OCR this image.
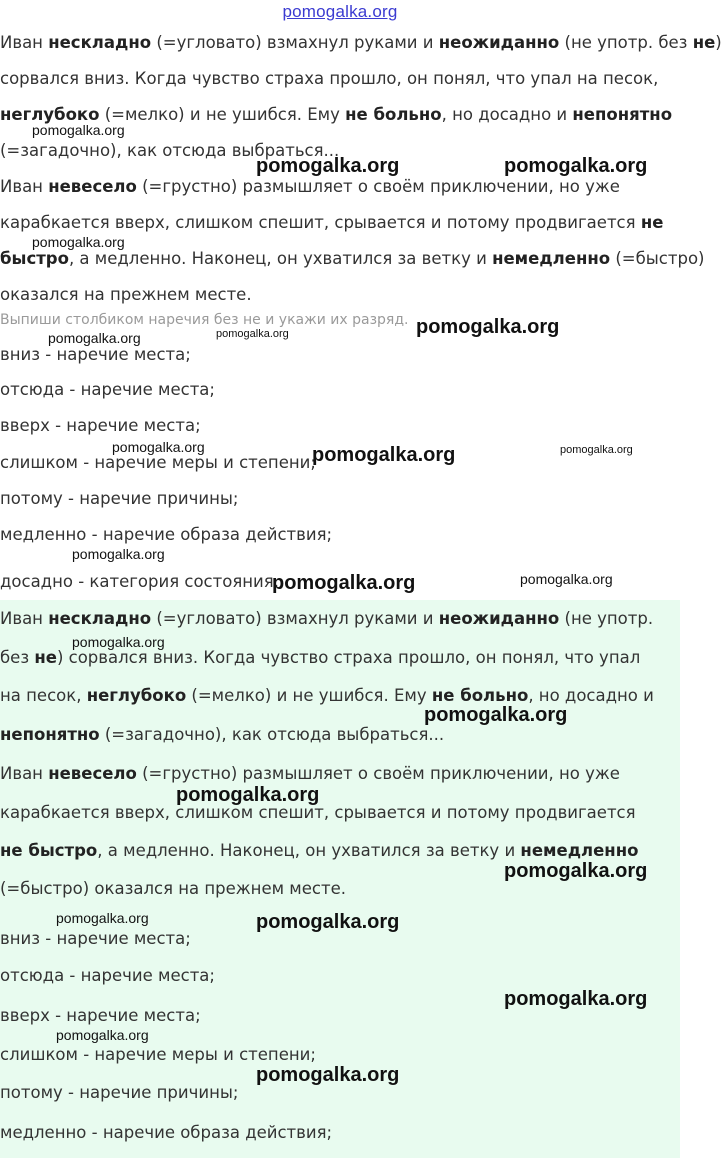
pomogalka.org
Иван нескладно (=угловато) взмахнул руками и неожиданно (не употр. без не)
сорвался вниз. Когда чувство страха прошло, он понял, что упал на песок,
неглубоко (=мелко) и не ушибся. Ему не больно, но досадно и непонятно
(=загадочно), как отсюда выбраться...
Иван невесело (=грустно) размышляет о своём приключении, но уже
карабкается вверх, слишком спешит, срывается и потому продвигается не
быстро, а медленно. Наконец, он ухватился за ветку и немедленно (=быстро)
оказался на прежнем месте.
Выпиши столбиком наречия без не и укажи их разряд.
вниз - наречие места;
отсюда - наречие места;
вверх - наречие места;
слишком - наречие меры и степени;
потому - наречие причины;
медленно - наречие образа действия;
досадно - категория состояния.
Иван нескладно (=угловато) взмахнул руками и неожиданно (не употр.
без не) сорвался вниз. Когда чувство страха прошло, он понял, что упал
на песок, неглубоко (=мелко) и не ушибся. Ему не больно, но досадно и
непонятно (=загадочно), как отсюда выбраться...
Иван невесело (=грустно) размышляет о своём приключении, но уже
карабкается вверх, слишком спешит, срывается и потому продвигается
не быстро, а медленно. Наконец, он ухватился за ветку и немедленно
(=быстро) оказался на прежнем месте.
вниз - наречие места;
отсюда - наречие места;
вверх - наречие места;
слишком - наречие меры и степени;
потому - наречие причины;
медленно - наречие образа действия;
pomogalka.org
pomogalka.org	pomogalka.org
pomogalka.org
pomogalka.org	pomogalka.org
pomogalka.org
pomogalka.org	pomogalka.org	pomogalka.org
pomogalka.org
pomogalka.org	pomogalka.org
pomogalka.org
pomogalka.org
pomogalka.org
pomogalka.org
pomogalka.org	pomogalka.org
pomogalka.org
pomogalka.org
pomogalka.org
